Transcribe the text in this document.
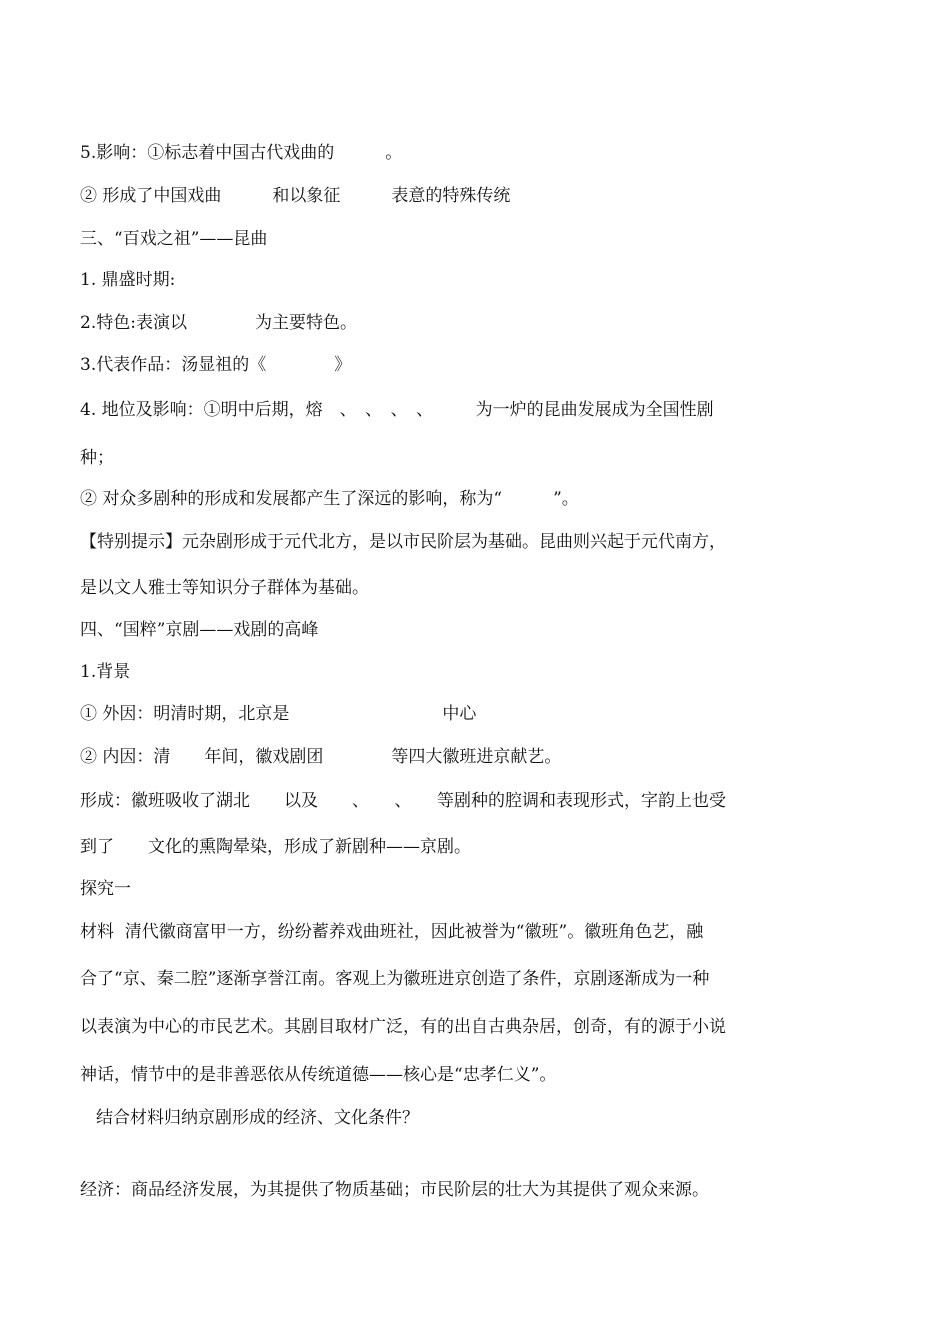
5.影响：①标志着中国古代戏曲的　　　。
② 形成了中国戏曲　　　和以象征　　　表意的特殊传统
三、“百戏之祖”——昆曲
1. 鼎盛时期:
2.特色:表演以　　　　为主要特色。
3.代表作品：汤显祖的《　　　　》
4. 地位及影响：①明中后期，熔　、　、　、　、　　　为一炉的昆曲发展成为全国性剧
种；
② 对众多剧种的形成和发展都产生了深远的影响，称为“　　　”。
【特别提示】元杂剧形成于元代北方，是以市民阶层为基础。昆曲则兴起于元代南方，
是以文人雅士等知识分子群体为基础。
四、“国粹”京剧——戏剧的高峰
1.背景
① 外因：明清时期，北京是　　　　　　　　　中心
② 内因：清　　年间，徽戏剧团　　　　等四大徽班进京献艺。
形成：徽班吸收了湖北　　以及　　、　　、　　等剧种的腔调和表现形式，字韵上也受
到了　　文化的熏陶晕染，形成了新剧种——京剧。
探究一
材料  清代徽商富甲一方，纷纷蓄养戏曲班社，因此被誉为“徽班”。徽班角色艺，融
合了“京、秦二腔”逐渐享誉江南。客观上为徽班进京创造了条件，京剧逐渐成为一种
以表演为中心的市民艺术。其剧目取材广泛，有的出自古典杂居，创奇，有的源于小说
神话，情节中的是非善恶依从传统道德——核心是“忠孝仁义”。
结合材料归纳京剧形成的经济、文化条件？
经济：商品经济发展，为其提供了物质基础；市民阶层的壮大为其提供了观众来源。
